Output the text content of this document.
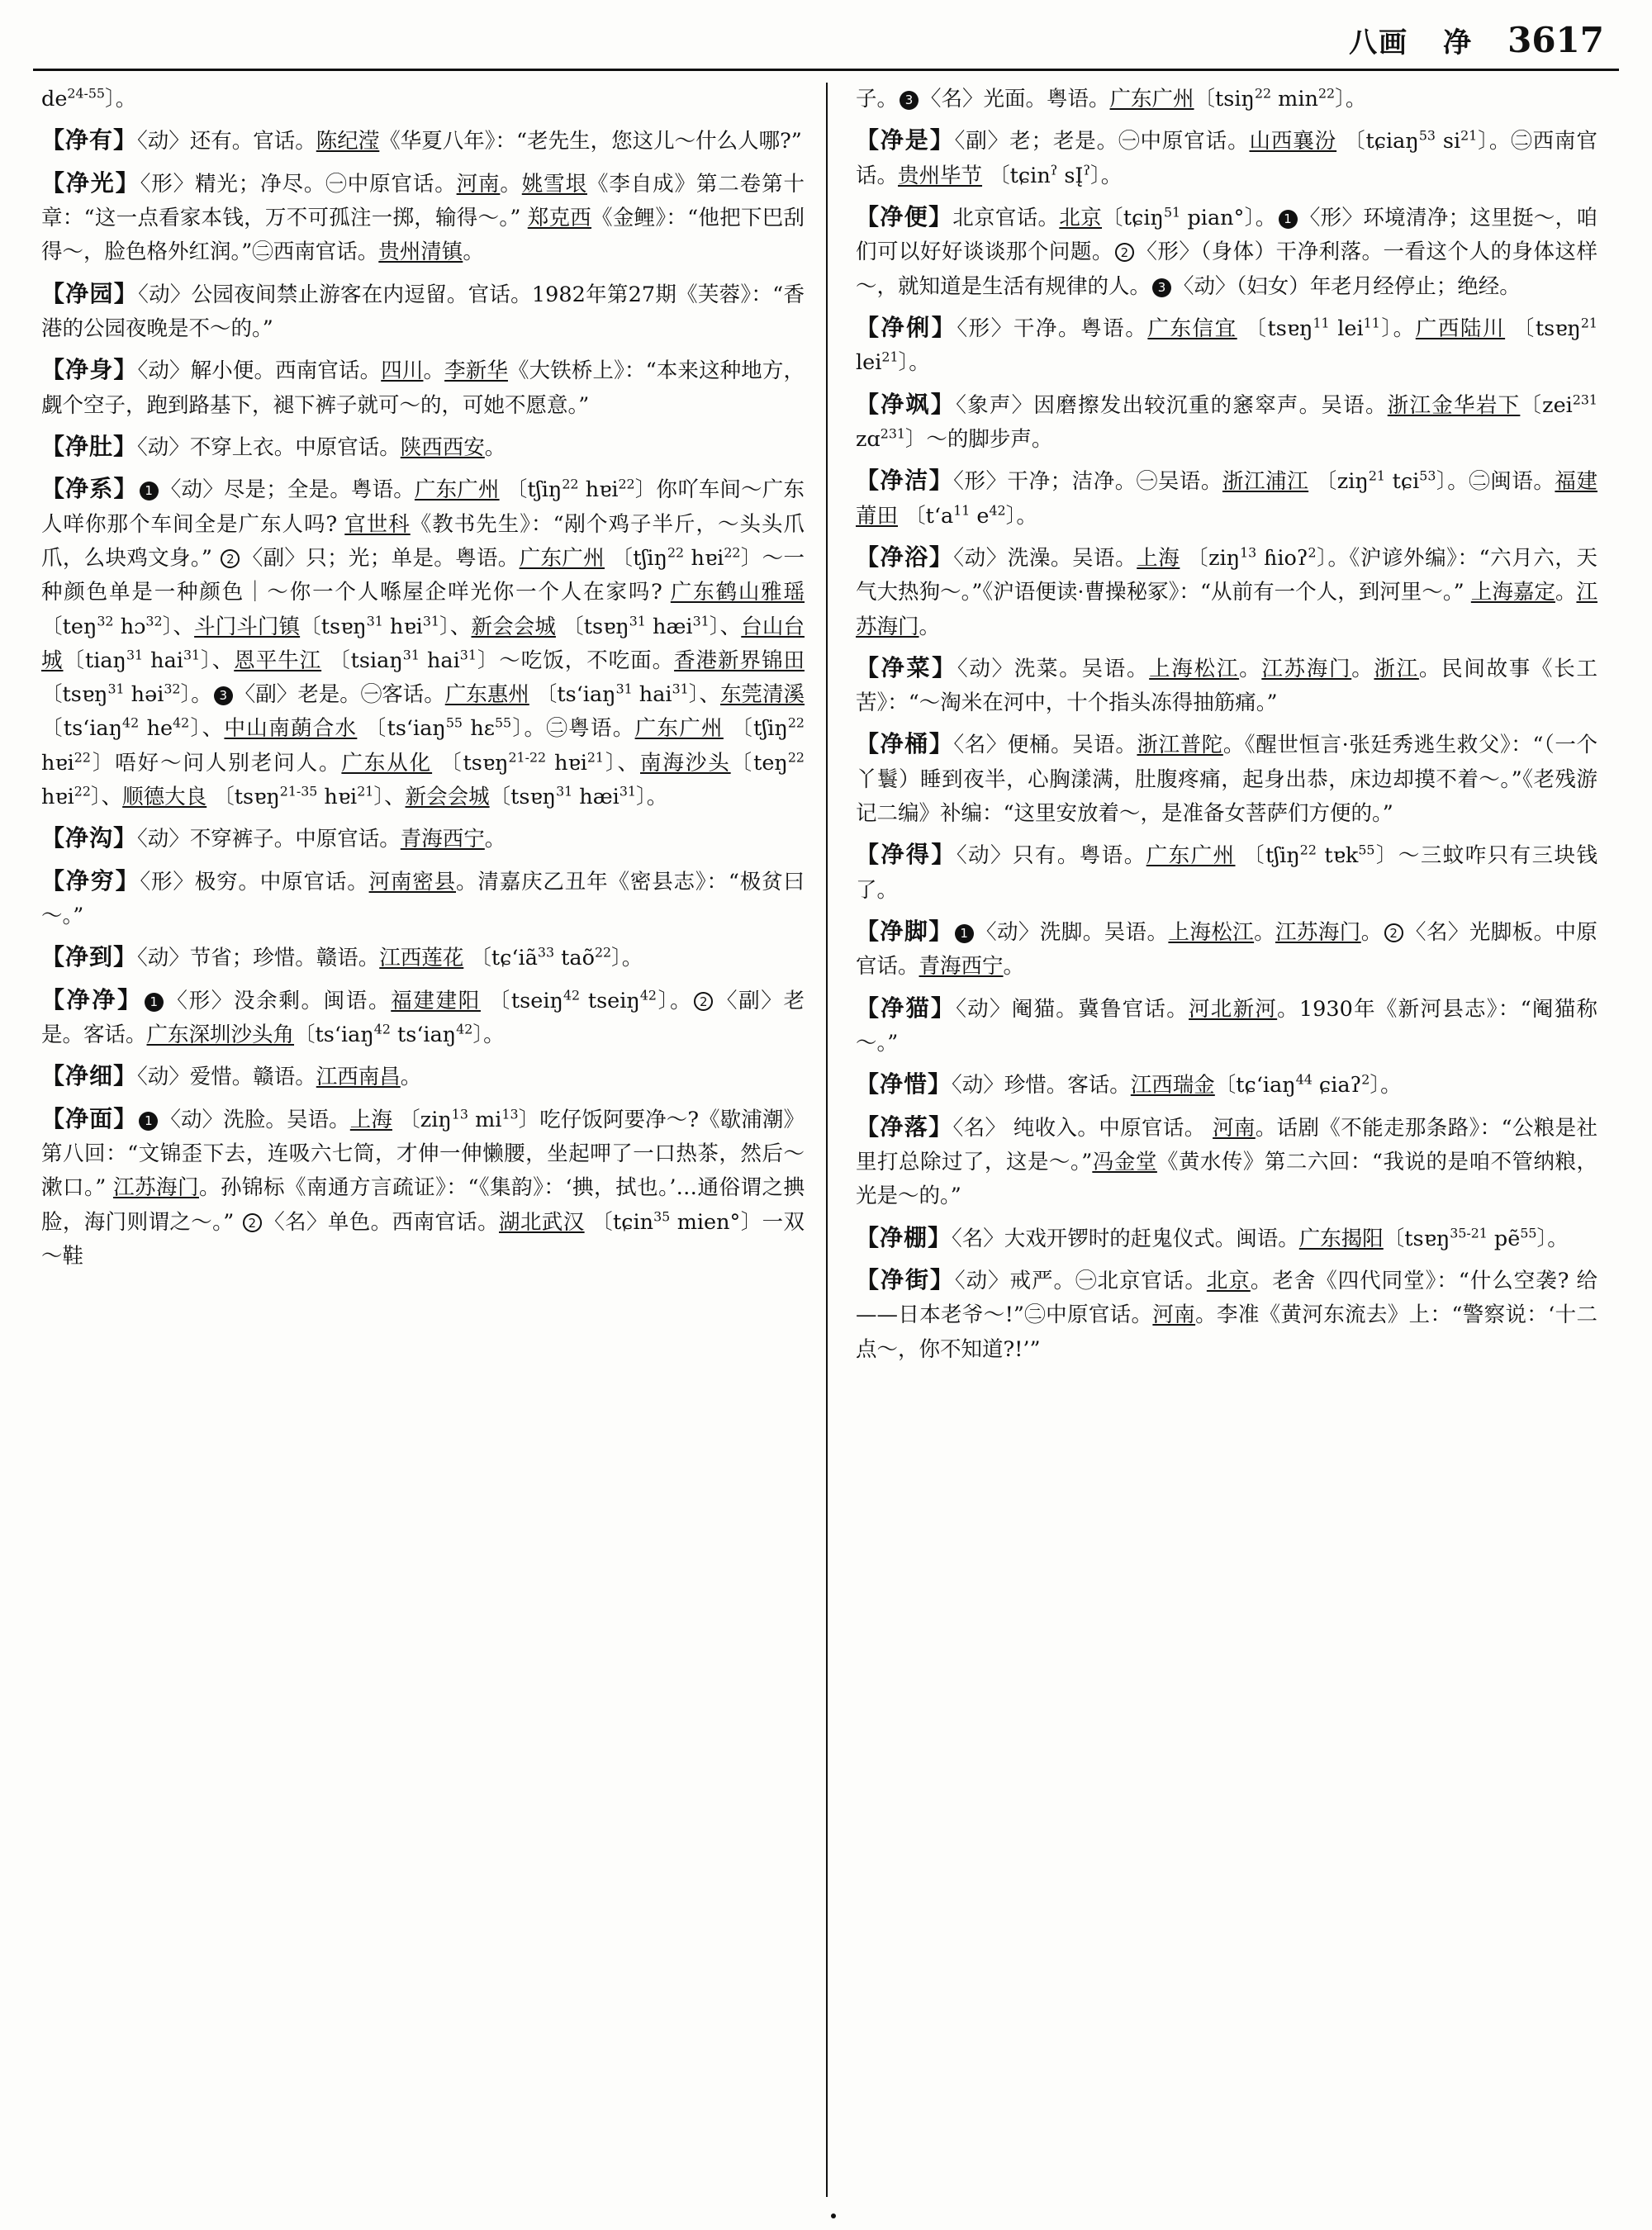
八画 净 3617
$de^{24-55}$〕。

【净有】〈动〉还有。官话。陈纪滢《华夏八年》：“老先生，您这儿～什么人哪?”

【净光】〈形〉精光；净尽。㊀中原官话。河南。姚雪垠《李自成》第二卷第十章：“这一点看家本钱，万不可孤注一掷，输得～。” 郑克西《金鲤》：“他把下巴刮得～，脸色格外红润。”㊁西南官话。贵州清镇。

【净园】〈动〉公园夜间禁止游客在内逗留。官话。1982年第27期《芙蓉》：“香港的公园夜晚是不～的。”

【净身】〈动〉解小便。西南官话。四川。李新华《大铁桥上》：“本来这种地方，觑个空子，跑到路基下，褪下裤子就可～的，可她不愿意。”

【净肚】〈动〉不穿上衣。中原官话。陕西西安。

【净系】 1 〈动〉尽是；全是。粤语。广东广州 〔tʃiŋ$^{22}$ hɐi$^{22}$〕你吖车间～广东人咩你那个车间全是广东人吗? 官世科《教书先生》：“剐个鸡子半斤，～头头爪爪，么块鸡文身。” 2 〈副〉只；光；单是。粤语。广东广州 〔tʃiŋ$^{22}$ hɐi$^{22}$〕～一种颜色单是一种颜色｜～你一个人喺屋企咩光你一个人在家吗? 广东鹤山雅瑶 〔teŋ$^{32}$ hɔ$^{32}$〕、斗门斗门镇〔tsɐŋ$^{31}$ hɐi$^{31}$〕、新会会城 〔tsɐŋ$^{31}$ hæi$^{31}$〕、台山台城〔tiaŋ$^{31}$ hai$^{31}$〕、恩平牛江 〔tsiaŋ$^{31}$ hai$^{31}$〕～吃饭，不吃面。香港新界锦田〔tsɐŋ$^{31}$ həi$^{32}$〕。 3 〈副〉老是。㊀客话。广东惠州 〔tsʻiaŋ$^{31}$ hai$^{31}$〕、东莞清溪〔tsʻiaŋ$^{42}$ $he^{42}$〕、中山南蓢合水 〔tsʻiaŋ$^{55}$ hɛ$^{55}$〕。㊁粤语。广东广州 〔tʃiŋ$^{22}$ hɐi$^{22}$〕唔好～问人别老问人。广东从化 〔tsɐŋ$^{21-22}$ hɐi$^{21}$〕、南海沙头〔teŋ$^{22}$ hɐi$^{22}$〕、顺德大良 〔tsɐŋ$^{21-35}$ hɐi$^{21}$〕、新会会城〔tsɐŋ$^{31}$ hæi$^{31}$〕。

【净沟】〈动〉不穿裤子。中原官话。青海西宁。

【净穷】〈形〉极穷。中原官话。河南密县。清嘉庆乙丑年《密县志》：“极贫曰～。”

【净到】〈动〉节省；珍惜。赣语。江西莲花 〔tɕʻiã$^{33}$ taõ$^{22}$〕。

【净净】 1 〈形〉没余剩。闽语。福建建阳 〔tseiŋ$^{42}$ tseiŋ$^{42}$〕。 2 〈副〉老是。客话。广东深圳沙头角〔tsʻiaŋ$^{42}$ tsʻiaŋ$^{42}$〕。

【净细】〈动〉爱惜。赣语。江西南昌。

【净面】 1 〈动〉洗脸。吴语。上海 〔ziŋ$^{13}$ $mi^{13}$〕吃仔饭阿要净～?《歇浦潮》第八回：“文锦歪下去，连吸六七筒，才伸一伸懒腰，坐起呷了一口热茶，然后～漱口。” 江苏海门。孙锦标《南通方言疏证》：“《集韵》：‘捵，拭也。’…通俗谓之捵脸，海门则谓之～。” 2 〈名〉单色。西南官话。湖北武汉 〔tɕin$^{35}$ mien°〕一双～鞋

子。 3 〈名〉光面。粤语。广东广州〔tsiŋ$^{22}$ $\min^{22}$〕。

【净是】〈副〉老；老是。㊀中原官话。山西襄汾 〔tɕiaŋ$^{53}$ $si^{21}$〕。㊁西南官话。贵州毕节 〔tɕin$^ʔ$ $sĮ^ʔ$〕。

【净便】北京官话。北京〔tɕiŋ$^{51}$ pian°〕。 1 〈形〉环境清净；这里挺～，咱们可以好好谈谈那个问题。 2 〈形〉（身体）干净利落。一看这个人的身体这样～，就知道是生活有规律的人。 3 〈动〉（妇女）年老月经停止；绝经。

【净俐】〈形〉干净。粤语。广东信宜 〔tsɐŋ$^{11}$ lei$^{11}$〕。广西陆川 〔tsɐŋ$^{21}$ lei$^{21}$〕。

【净飒】〈象声〉因磨擦发出较沉重的窸窣声。吴语。浙江金华岩下〔zei$^{231}$ zɑ$^{231}$〕～的脚步声。

【净洁】〈形〉干净；洁净。㊀吴语。浙江浦江 〔ziŋ$^{21}$ tɕi$^{53}$〕。㊁闽语。福建莆田 〔tʻa$^{11}$ $e^{42}$〕。

【净浴】〈动〉洗澡。吴语。上海 〔ziŋ$^{13}$ ɦioʔ$^2$〕。《沪谚外编》：“六月六，天气大热狗～。”《沪语便读·曹操秘冢》：“从前有一个人，到河里～。” 上海嘉定。江苏海门。

【净菜】〈动〉洗菜。吴语。上海松江。江苏海门。浙江。民间故事《长工苦》：“～淘米在河中，十个指头冻得抽筋痛。”

【净桶】〈名〉便桶。吴语。浙江普陀。《醒世恒言·张廷秀逃生救父》：“（一个丫鬟）睡到夜半，心胸漾满，肚腹疼痛，起身出恭，床边却摸不着～。”《老残游记二编》补编：“这里安放着～，是准备女菩萨们方便的。”

【净得】〈动〉只有。粤语。广东广州 〔tʃiŋ$^{22}$ tɐk$^{55}$〕～三蚊咋只有三块钱了。

【净脚】 1 〈动〉洗脚。吴语。上海松江。江苏海门。 2 〈名〉光脚板。中原官话。青海西宁。

【净猫】〈动〉阉猫。冀鲁官话。河北新河。1930年《新河县志》：“阉猫称～。”

【净惜】〈动〉珍惜。客话。江西瑞金〔tɕʻiaŋ$^{44}$ ɕiaʔ$^2$〕。

【净落】〈名〉 纯收入。中原官话。 河南。话剧《不能走那条路》：“公粮是社里打总除过了，这是～。”冯金堂《黄水传》第二六回：“我说的是咱不管纳粮，光是～的。”

【净棚】〈名〉大戏开锣时的赶鬼仪式。闽语。广东揭阳〔tsɐŋ$^{35-21}$ pẽ$^{55}$〕。

【净街】〈动〉戒严。㊀北京官话。北京。老舍《四代同堂》：“什么空袭? 给——日本老爷～!”㊁中原官话。河南。李准《黄河东流去》上：“警察说：‘十二点～，你不知道?!’”
